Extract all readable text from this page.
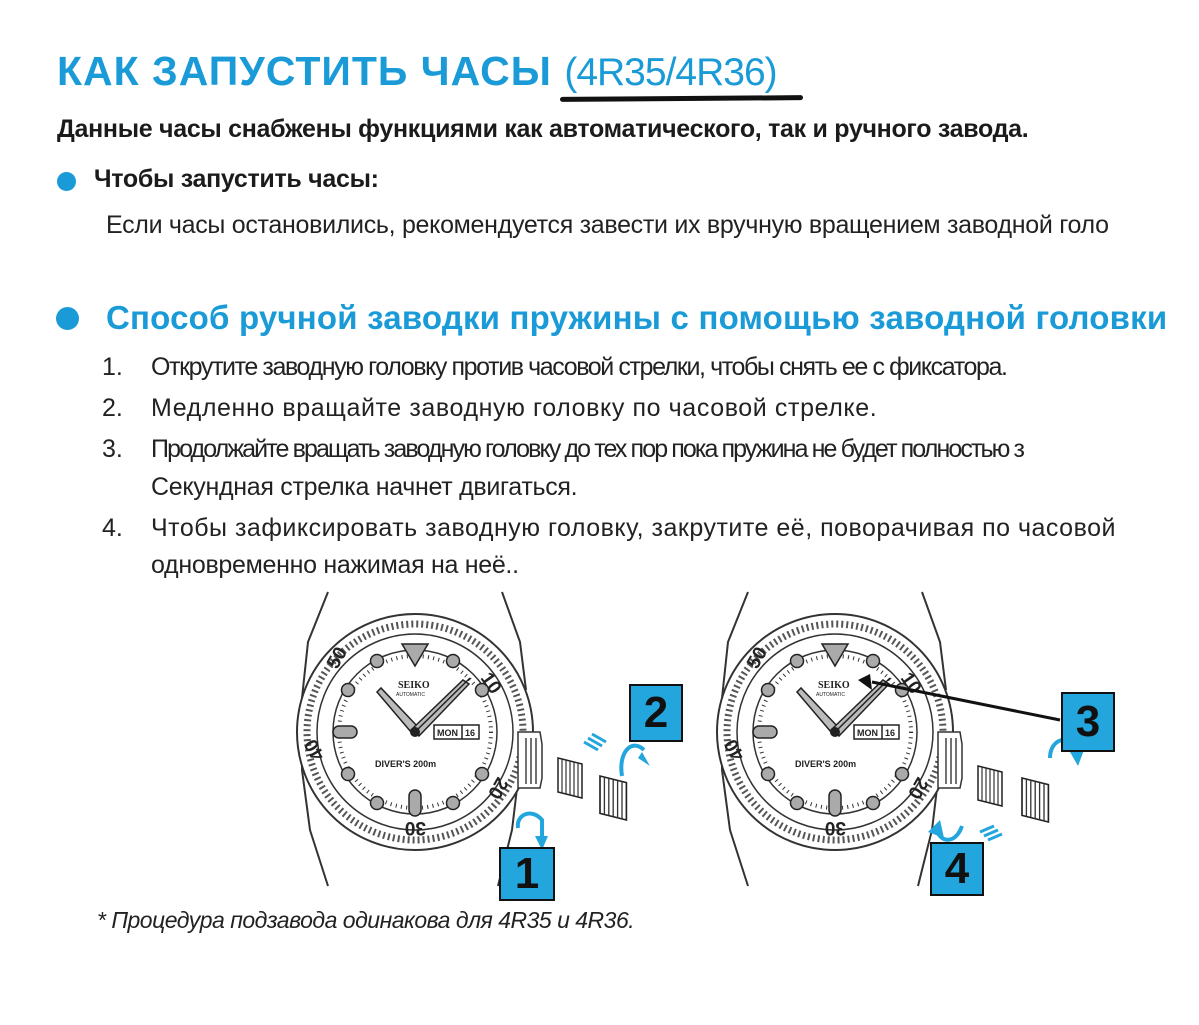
КАК ЗАПУСТИТЬ ЧАСЫ (4R35/4R36)
Данные часы снабжены функциями как автоматического, так и ручного завода.
Чтобы запустить часы:
Если часы остановились, рекомендуется завести их вручную вращением заводной голо
Способ ручной заводки пружины с помощью заводной головки
1. Открутите заводную головку против часовой стрелки, чтобы снять ее с фиксатора.
2. Медленно вращайте заводную головку по часовой стрелке.
3. Продолжайте вращать заводную головку до тех пор пока пружина не будет полностью з
Секундная стрелка начнет двигаться.
4. Чтобы зафиксировать заводную головку, закрутите её, поворачивая по часовой
одновременно нажимая на неё..
1
2	3
4
* Процедура подзавода одинакова для 4R35 и 4R36.
